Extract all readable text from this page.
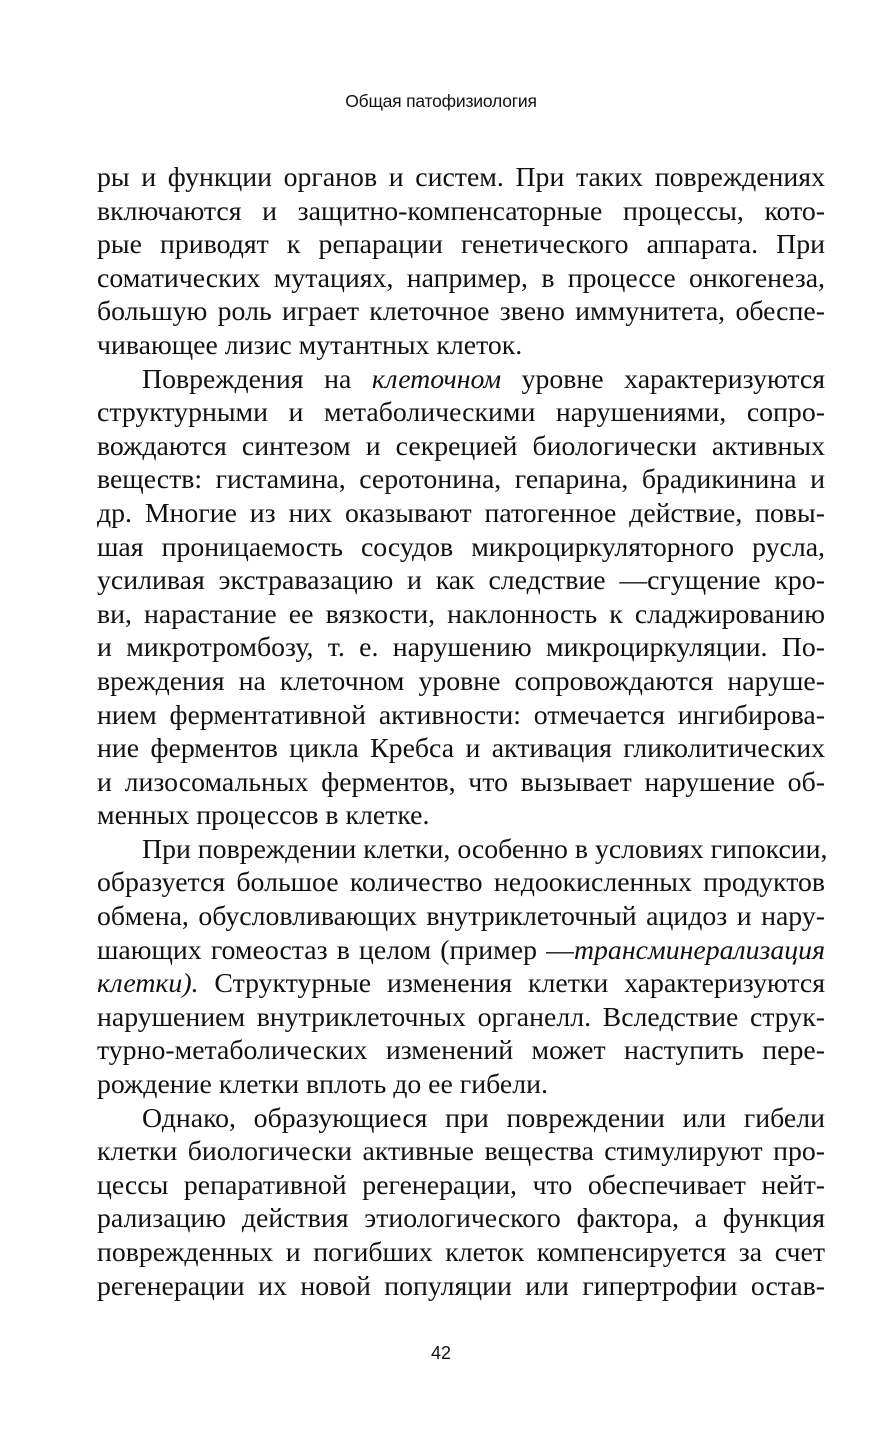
Общая патофизиология
ры и функции органов и систем. При таких повреждениях
включаются и защитно-компенсаторные процессы, кото-
рые приводят к репарации генетического аппарата. При
соматических мутациях, например, в процессе онкогенеза,
большую роль играет клеточное звено иммунитета, обеспе-
чивающее лизис мутантных клеток.
Повреждения на клеточном уровне характеризуются
структурными и метаболическими нарушениями, сопро-
вождаются синтезом и секрецией биологически активных
веществ: гистамина, серотонина, гепарина, брадикинина и
др. Многие из них оказывают патогенное действие, повы-
шая проницаемость сосудов микроциркуляторного русла,
усиливая экстравазацию и как следствие —сгущение кро-
ви, нарастание ее вязкости, наклонность к сладжированию
и микротромбозу, т. е. нарушению микроциркуляции. По-
вреждения на клеточном уровне сопровождаются наруше-
нием ферментативной активности: отмечается ингибирова-
ние ферментов цикла Кребса и активация гликолитических
и лизосомальных ферментов, что вызывает нарушение об-
менных процессов в клетке.
При повреждении клетки, особенно в условиях гипоксии,
образуется большое количество недоокисленных продуктов
обмена, обусловливающих внутриклеточный ацидоз и нару-
шающих гомеостаз в целом (пример —трансминерализация
клетки). Структурные изменения клетки характеризуются
нарушением внутриклеточных органелл. Вследствие струк-
турно-метаболических изменений может наступить пере-
рождение клетки вплоть до ее гибели.
Однако, образующиеся при повреждении или гибели
клетки биологически активные вещества стимулируют про-
цессы репаративной регенерации, что обеспечивает нейт-
рализацию действия этиологического фактора, а функция
поврежденных и погибших клеток компенсируется за счет
регенерации их новой популяции или гипертрофии остав-
42
